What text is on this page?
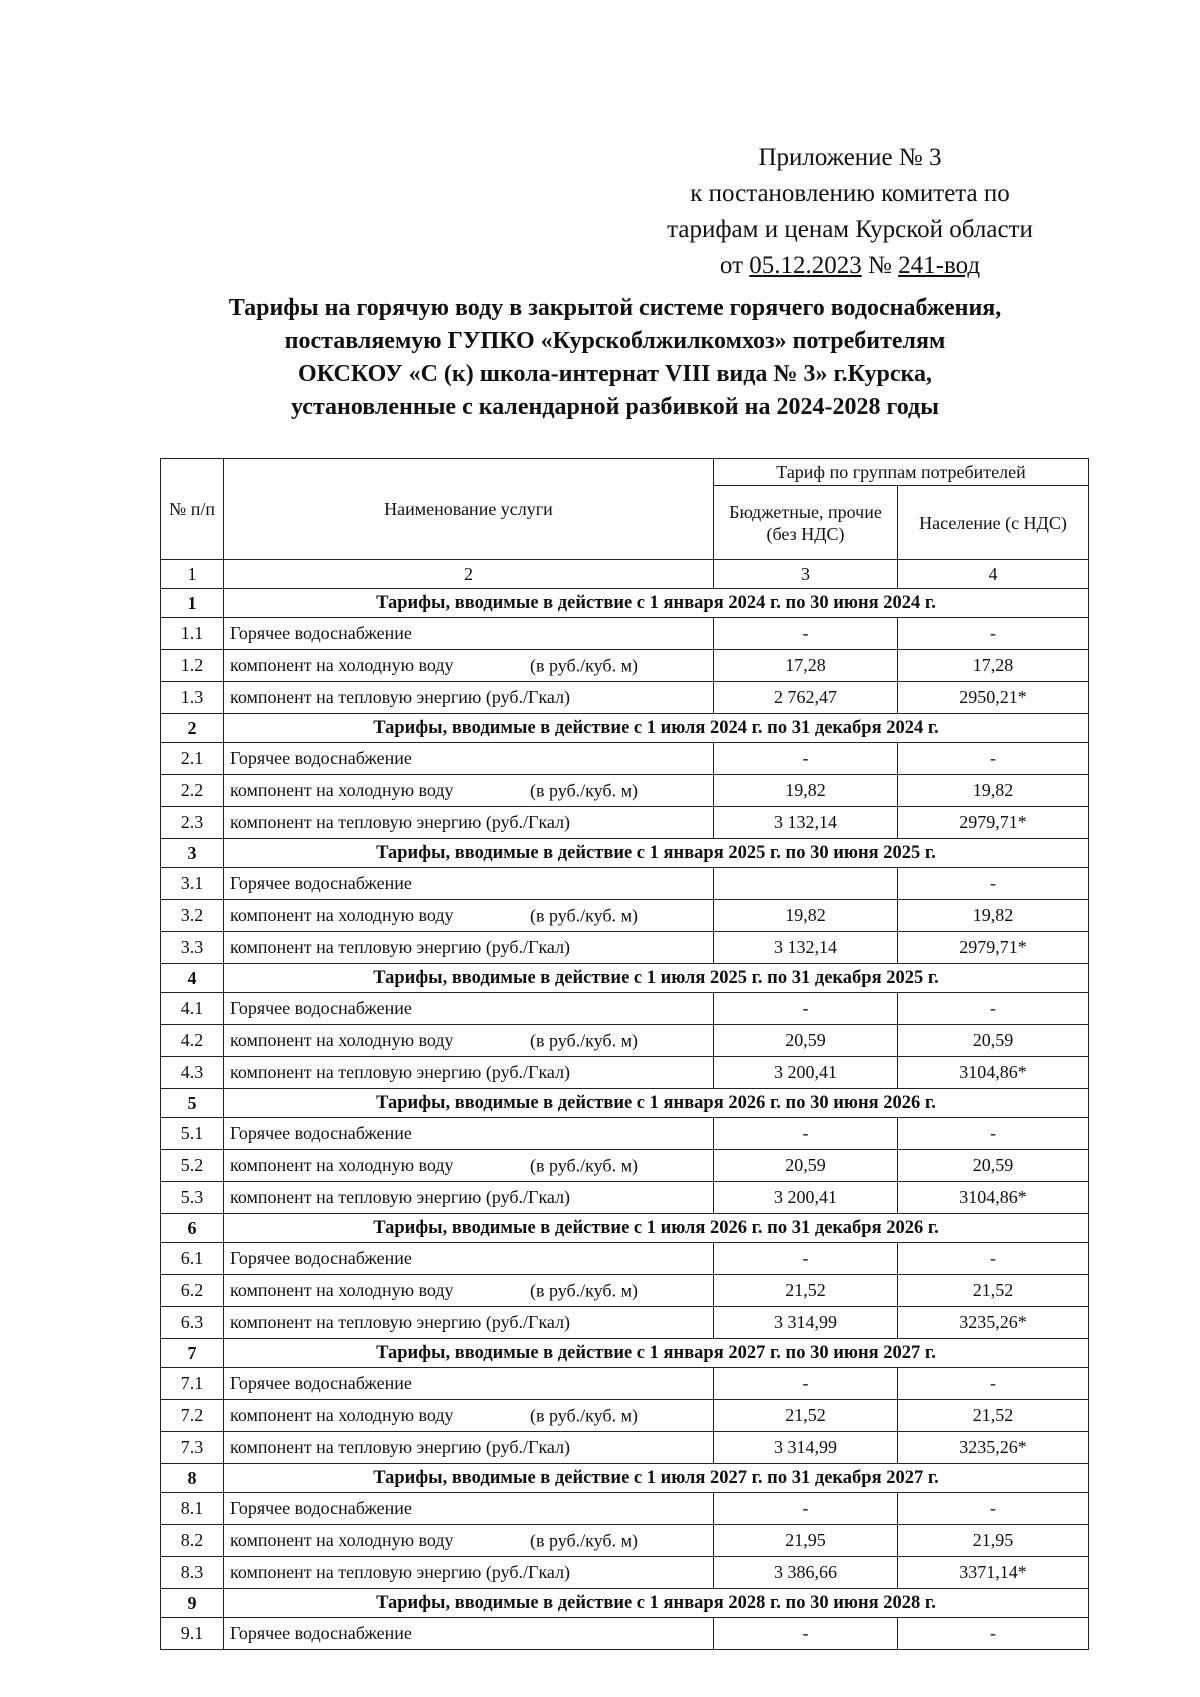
Приложение № 3
к постановлению комитета по
тарифам и ценам Курской области
от 05.12.2023 № 241-вод
Тарифы на горячую воду в закрытой системе горячего водоснабжения,
поставляемую ГУПКО «Курскоблжилкомхоз» потребителям
ОКСКОУ «С (к) школа-интернат VIII вида № 3» г.Курска,
установленные с календарной разбивкой на 2024-2028 годы
№ п/п	Наименование услуги	Тариф по группам потребителей	
		Бюджетные, прочие (без НДС)	Население (с НДС)
1	2	3	4
1	Тарифы, вводимые в действие с 1 января 2024 г. по 30 июня 2024 г.		
1.1	Горячее водоснабжение	-	-
1.2	компонент на холодную воду (в руб./куб. м)	17,28	17,28
1.3	компонент на тепловую энергию (руб./Гкал)	2 762,47	2950,21*
2	Тарифы, вводимые в действие с 1 июля 2024 г. по 31 декабря 2024 г.		
2.1	Горячее водоснабжение	-	-
2.2	компонент на холодную воду (в руб./куб. м)	19,82	19,82
2.3	компонент на тепловую энергию (руб./Гкал)	3 132,14	2979,71*
3	Тарифы, вводимые в действие с 1 января 2025 г. по 30 июня 2025 г.		
3.1	Горячее водоснабжение		-
3.2	компонент на холодную воду (в руб./куб. м)	19,82	19,82
3.3	компонент на тепловую энергию (руб./Гкал)	3 132,14	2979,71*
4	Тарифы, вводимые в действие с 1 июля 2025 г. по 31 декабря 2025 г.		
4.1	Горячее водоснабжение	-	-
4.2	компонент на холодную воду (в руб./куб. м)	20,59	20,59
4.3	компонент на тепловую энергию (руб./Гкал)	3 200,41	3104,86*
5	Тарифы, вводимые в действие с 1 января 2026 г. по 30 июня 2026 г.		
5.1	Горячее водоснабжение	-	-
5.2	компонент на холодную воду (в руб./куб. м)	20,59	20,59
5.3	компонент на тепловую энергию (руб./Гкал)	3 200,41	3104,86*
6	Тарифы, вводимые в действие с 1 июля 2026 г. по 31 декабря 2026 г.		
6.1	Горячее водоснабжение	-	-
6.2	компонент на холодную воду (в руб./куб. м)	21,52	21,52
6.3	компонент на тепловую энергию (руб./Гкал)	3 314,99	3235,26*
7	Тарифы, вводимые в действие с 1 января 2027 г. по 30 июня 2027 г.		
7.1	Горячее водоснабжение	-	-
7.2	компонент на холодную воду (в руб./куб. м)	21,52	21,52
7.3	компонент на тепловую энергию (руб./Гкал)	3 314,99	3235,26*
8	Тарифы, вводимые в действие с 1 июля 2027 г. по 31 декабря 2027 г.		
8.1	Горячее водоснабжение	-	-
8.2	компонент на холодную воду (в руб./куб. м)	21,95	21,95
8.3	компонент на тепловую энергию (руб./Гкал)	3 386,66	3371,14*
9	Тарифы, вводимые в действие с 1 января 2028 г. по 30 июня 2028 г.		
9.1	Горячее водоснабжение	-	-
